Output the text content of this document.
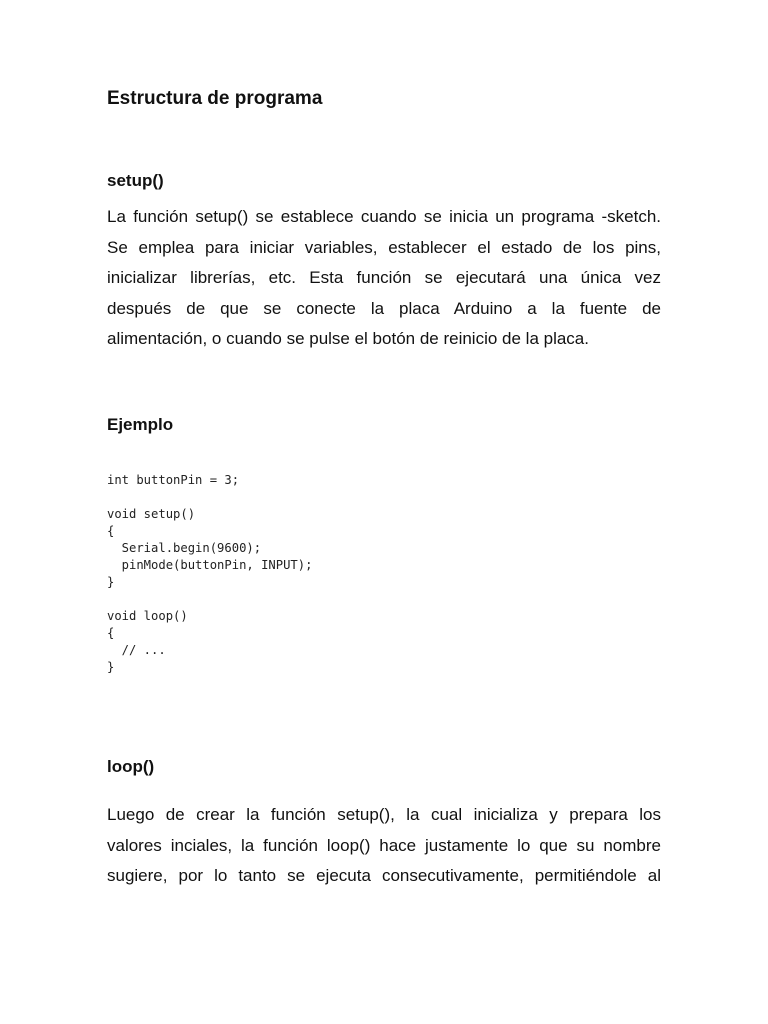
Estructura de programa
setup()
La función setup() se establece cuando se inicia un programa -sketch.
Se emplea para iniciar variables, establecer el estado de los pins,
inicializar librerías, etc. Esta función se ejecutará una única vez
después de que se conecte la placa Arduino a la fuente de
alimentación, o cuando se pulse el botón de reinicio de la placa.
Ejemplo
int buttonPin = 3;
void setup()
{
Serial.begin(9600);
pinMode(buttonPin, INPUT);
}
void loop()
{
// ...
}
loop()
Luego de crear la función setup(), la cual inicializa y prepara los
valores inciales, la función loop() hace justamente lo que su nombre
sugiere, por lo tanto se ejecuta consecutivamente, permitiéndole al
